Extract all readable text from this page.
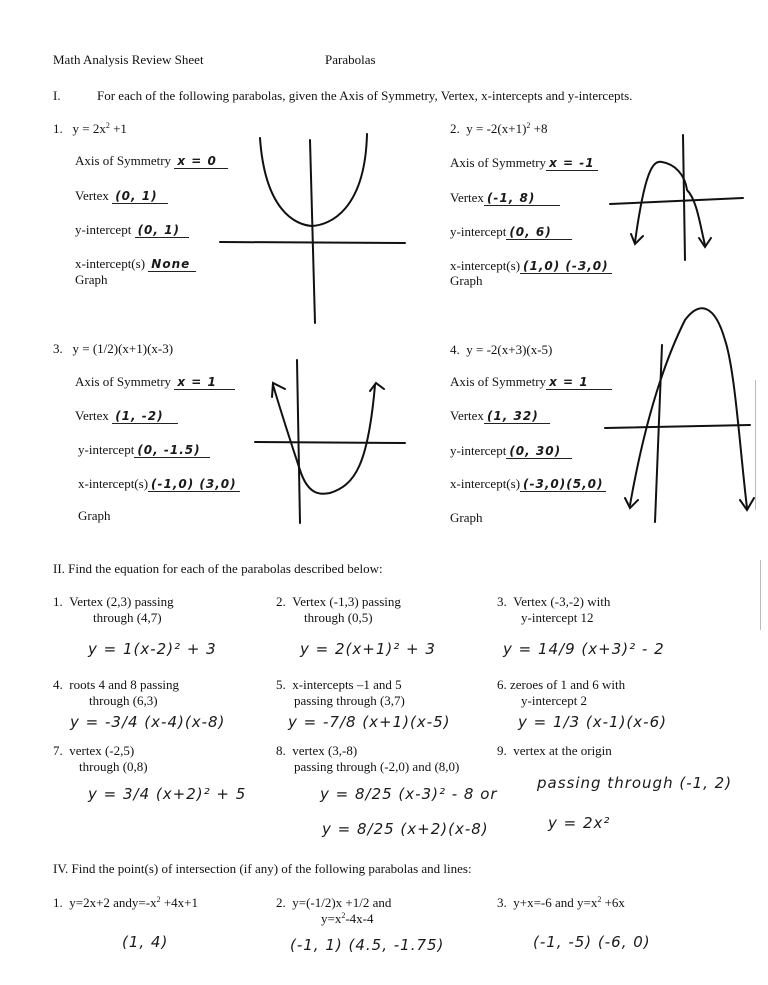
Math Analysis Review Sheet	Parabolas
I.	For each of the following parabolas, given the Axis of Symmetry, Vertex, x-intercepts and y-intercepts.
1. $y = 2x^2 +1$
Axis of Symmetry x = 0
Vertex (0, 1)
y-intercept (0, 1)
x-intercept(s) None
Graph
2. $y = -2(x+1)^2 +8$
Axis of Symmetry x = -1
Vertex (-1, 8)
y-intercept (0, 6)
x-intercept(s) (1,0) (-3,0)
Graph
3. y = (1/2)(x+1)(x-3)
Axis of Symmetry x = 1
Vertex (1, -2)
y-intercept (0, -1.5)
x-intercept(s) (-1,0) (3,0)
Graph
4. y = -2(x+3)(x-5)
Axis of Symmetry x = 1
Vertex (1, 32)
y-intercept (0, 30)
x-intercept(s) (-3,0)(5,0)
Graph
II. Find the equation for each of the parabolas described below:
1. Vertex (2,3) passing
through (4,7)
y = 1(x-2)² + 3
2. Vertex (-1,3) passing
through (0,5)
y = 2(x+1)² + 3
3. Vertex (-3,-2) with
y-intercept 12
y = 14/9 (x+3)² - 2
4. roots 4 and 8 passing
through (6,3)
y = -3/4 (x-4)(x-8)
5. x-intercepts –1 and 5
passing through (3,7)
y = -7/8 (x+1)(x-5)
6. zeroes of 1 and 6 with
y-intercept 2
y = 1/3 (x-1)(x-6)
7. vertex (-2,5)
through (0,8)
y = 3/4 (x+2)² + 5
8. vertex (3,-8)
passing through (-2,0) and (8,0)
y = 8/25 (x-3)² - 8 or
y = 8/25 (x+2)(x-8)
9. vertex at the origin
passing through (-1, 2)
y = 2x²
IV. Find the point(s) of intersection (if any) of the following parabolas and lines:
1. y=2x+2 $andy=-x^2 +4x+1$
(1, 4)
2. y=(-1/2)x +1/2 and
$y=x^2-4x-4$
(-1, 1) (4.5, -1.75)
3. y+x=-6 and $y=x^2 +6x$
(-1, -5) (-6, 0)
